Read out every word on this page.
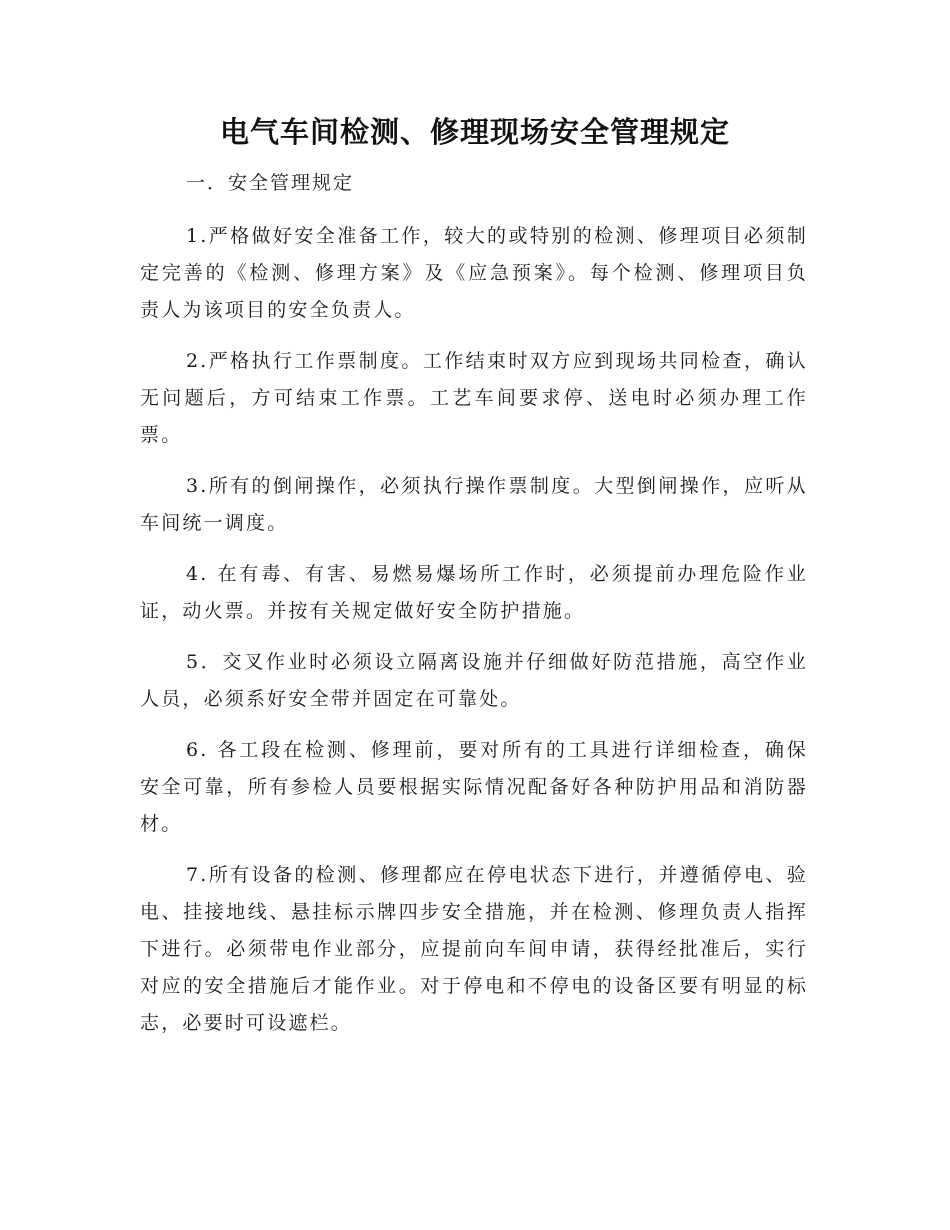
电气车间检测、修理现场安全管理规定

一．安全管理规定

1.严格做好安全准备工作，较大的或特别的检测、修理项目必须制定完善的《检测、修理方案》及《应急预案》。每个检测、修理项目负责人为该项目的安全负责人。

2.严格执行工作票制度。工作结束时双方应到现场共同检查，确认无问题后，方可结束工作票。工艺车间要求停、送电时必须办理工作票。

3.所有的倒闸操作，必须执行操作票制度。大型倒闸操作，应听从车间统一调度。

4. 在有毒、有害、易燃易爆场所工作时，必须提前办理危险作业证，动火票。并按有关规定做好安全防护措施。

5．交叉作业时必须设立隔离设施并仔细做好防范措施，高空作业人员，必须系好安全带并固定在可靠处。

6. 各工段在检测、修理前，要对所有的工具进行详细检查，确保安全可靠，所有参检人员要根据实际情况配备好各种防护用品和消防器材。

7.所有设备的检测、修理都应在停电状态下进行，并遵循停电、验电、挂接地线、悬挂标示牌四步安全措施，并在检测、修理负责人指挥下进行。必须带电作业部分，应提前向车间申请，获得经批准后，实行对应的安全措施后才能作业。对于停电和不停电的设备区要有明显的标志，必要时可设遮栏。
